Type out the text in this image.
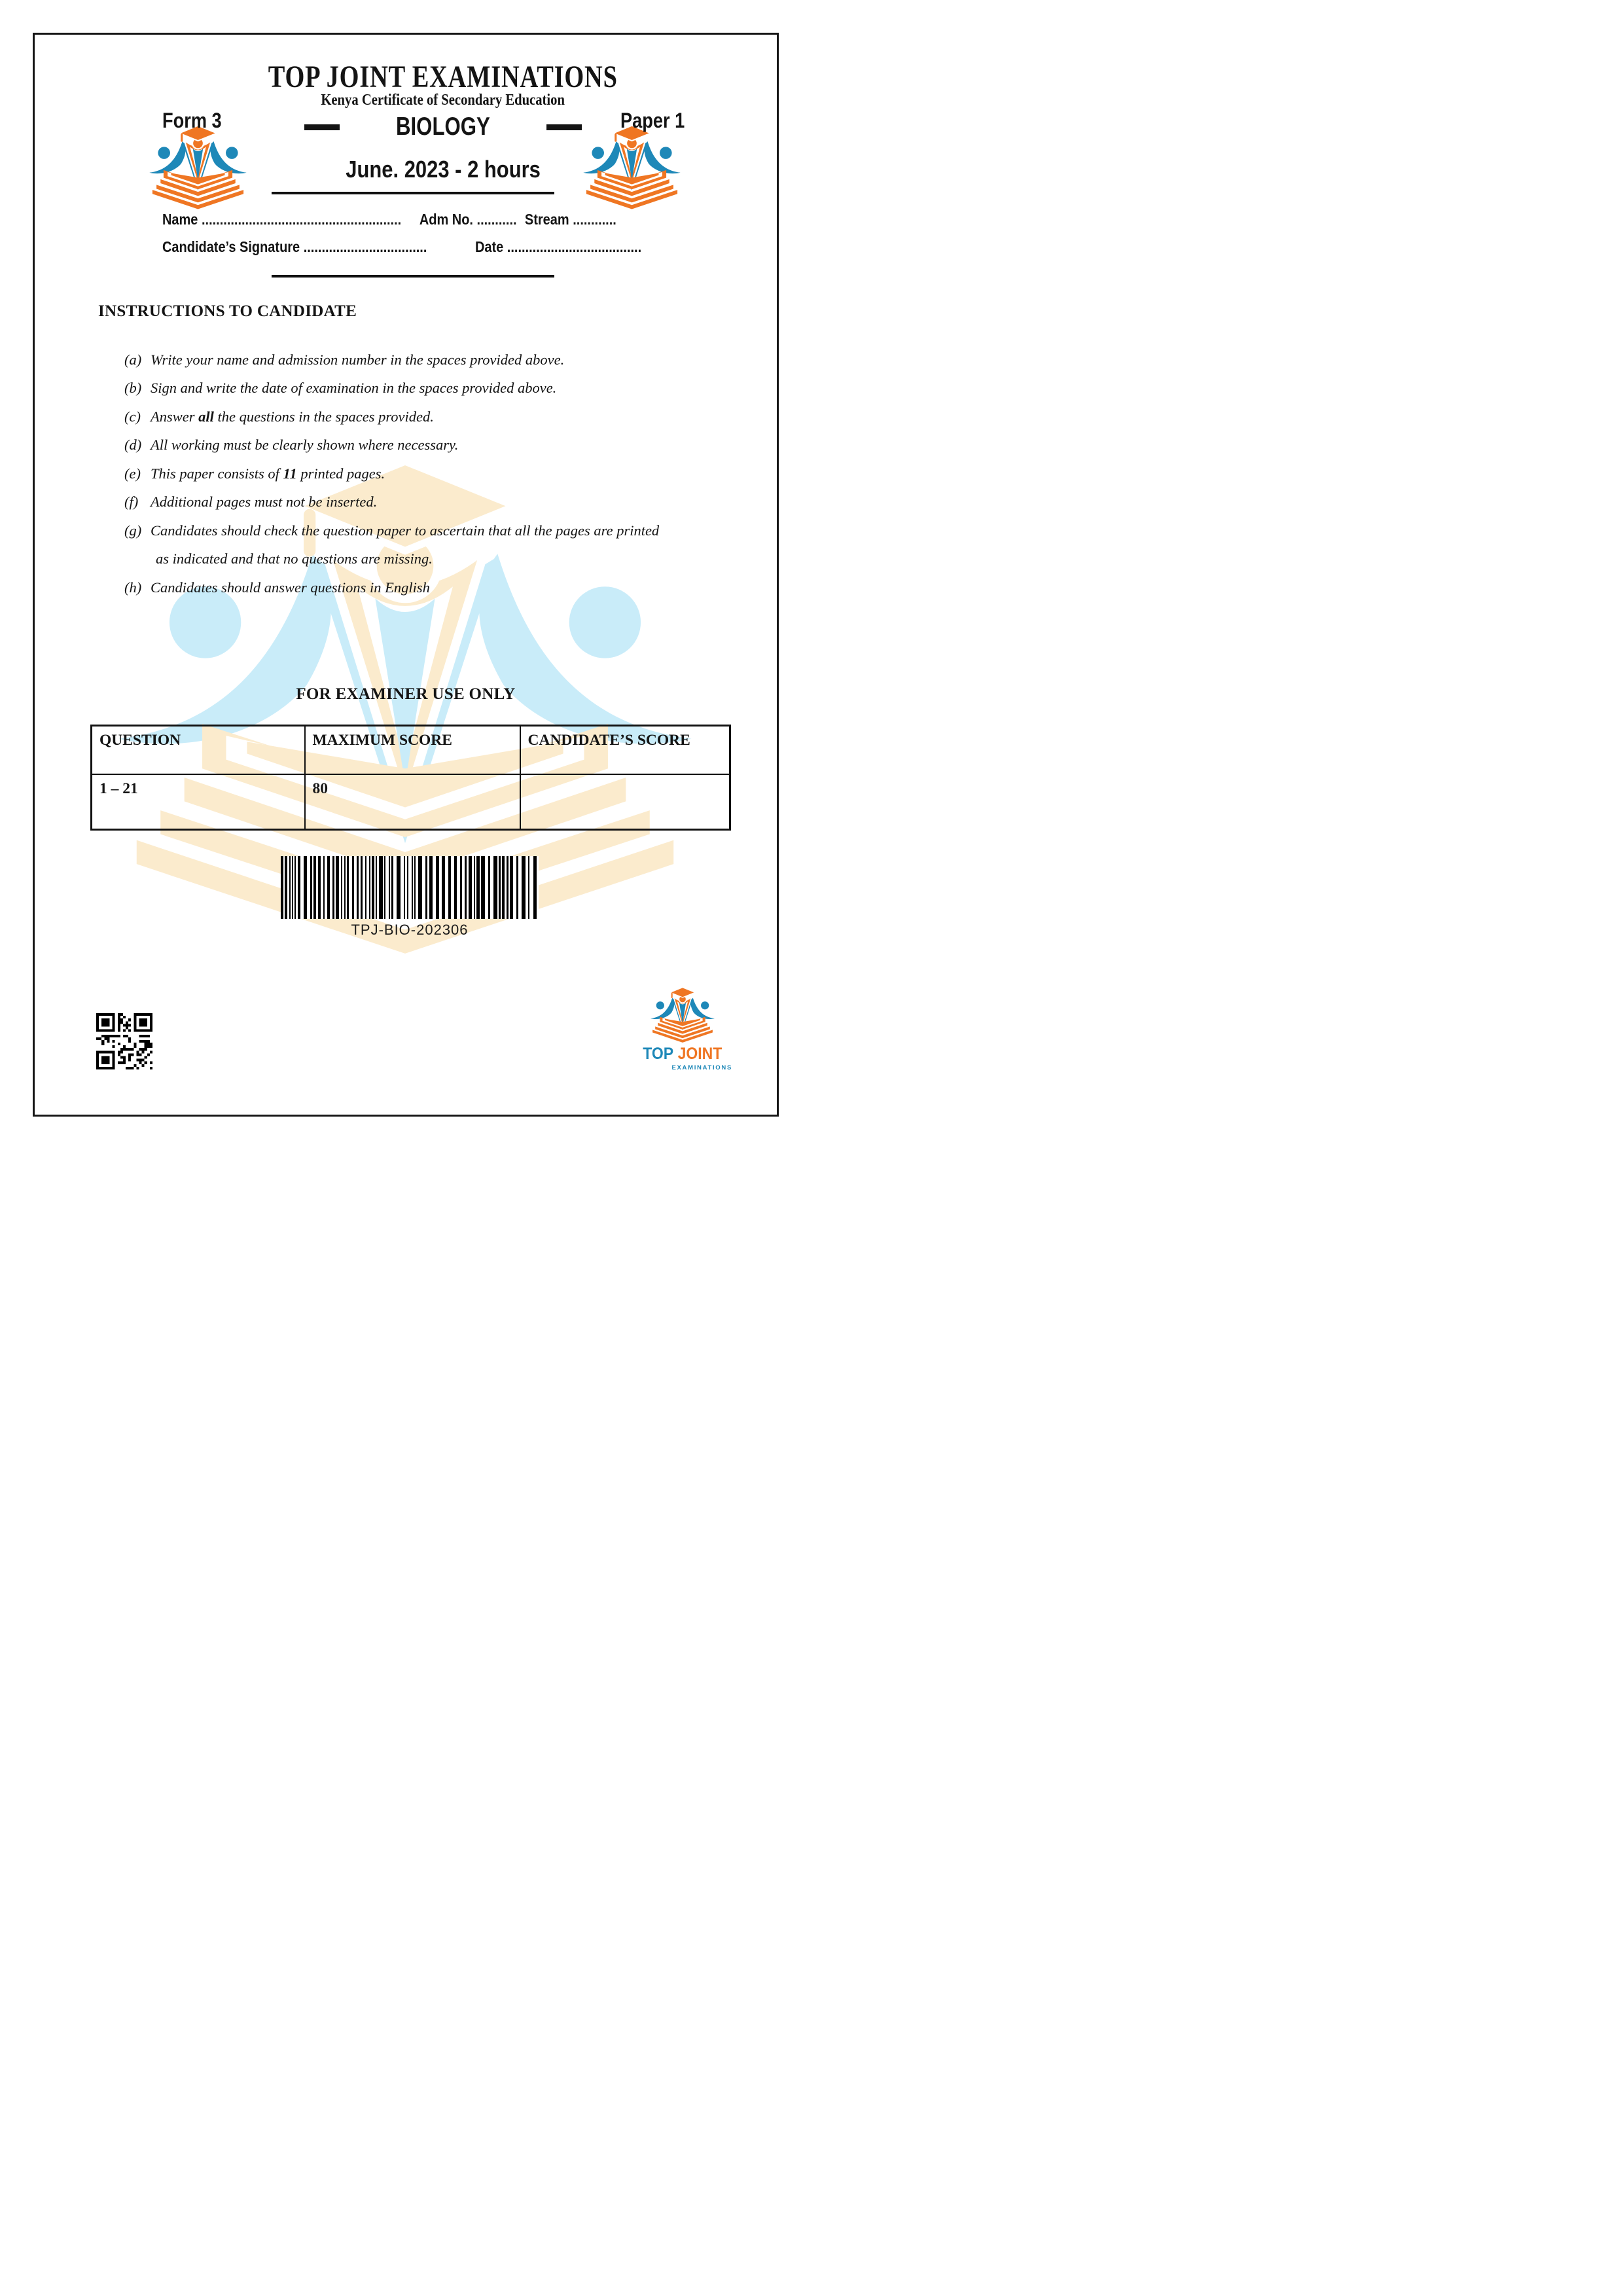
TOP JOINT EXAMINATIONS
Kenya Certificate of Secondary Education
Form 3	Paper 1
BIOLOGY
June. 2023 - 2 hours
Name ....................................................... Adm No. ........... Stream ............
Candidate’s Signature ..................................	Date .....................................
INSTRUCTIONS TO CANDIDATE
(a) Write your name and admission number in the spaces provided above.
(b) Sign and write the date of examination in the spaces provided above.
(c) Answer all the questions in the spaces provided.
(d) All working must be clearly shown where necessary.
(e) This paper consists of 11 printed pages.
(f) Additional pages must not be inserted.
(g) Candidates should check the question paper to ascertain that all the pages are printed
as indicated and that no questions are missing.
(h) Candidates should answer questions in English
FOR EXAMINER USE ONLY
QUESTION	MAXIMUM SCORE	CANDIDATE’S SCORE
1 – 21	80	
TPJ-BIO-202306
TOP JOINT
EXAMINATIONS
